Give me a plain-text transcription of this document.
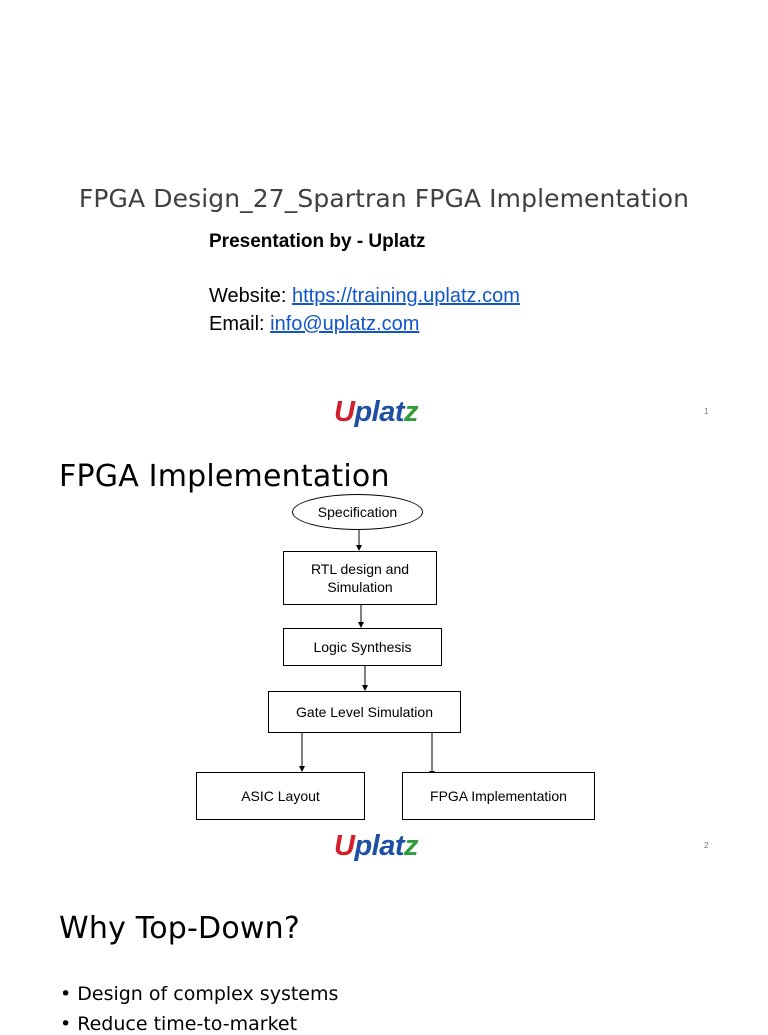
FPGA Design_27_Spartran FPGA Implementation
Presentation by - Uplatz
Website: https://training.uplatz.com
Email: info@uplatz.com
Uplatz	1
FPGA Implementation
Specification
RTL design and
Simulation
Logic Synthesis
Gate Level Simulation
ASIC Layout	FPGA Implementation
Uplatz	2
Why Top-Down?
• Design of complex systems
• Reduce time-to-market
